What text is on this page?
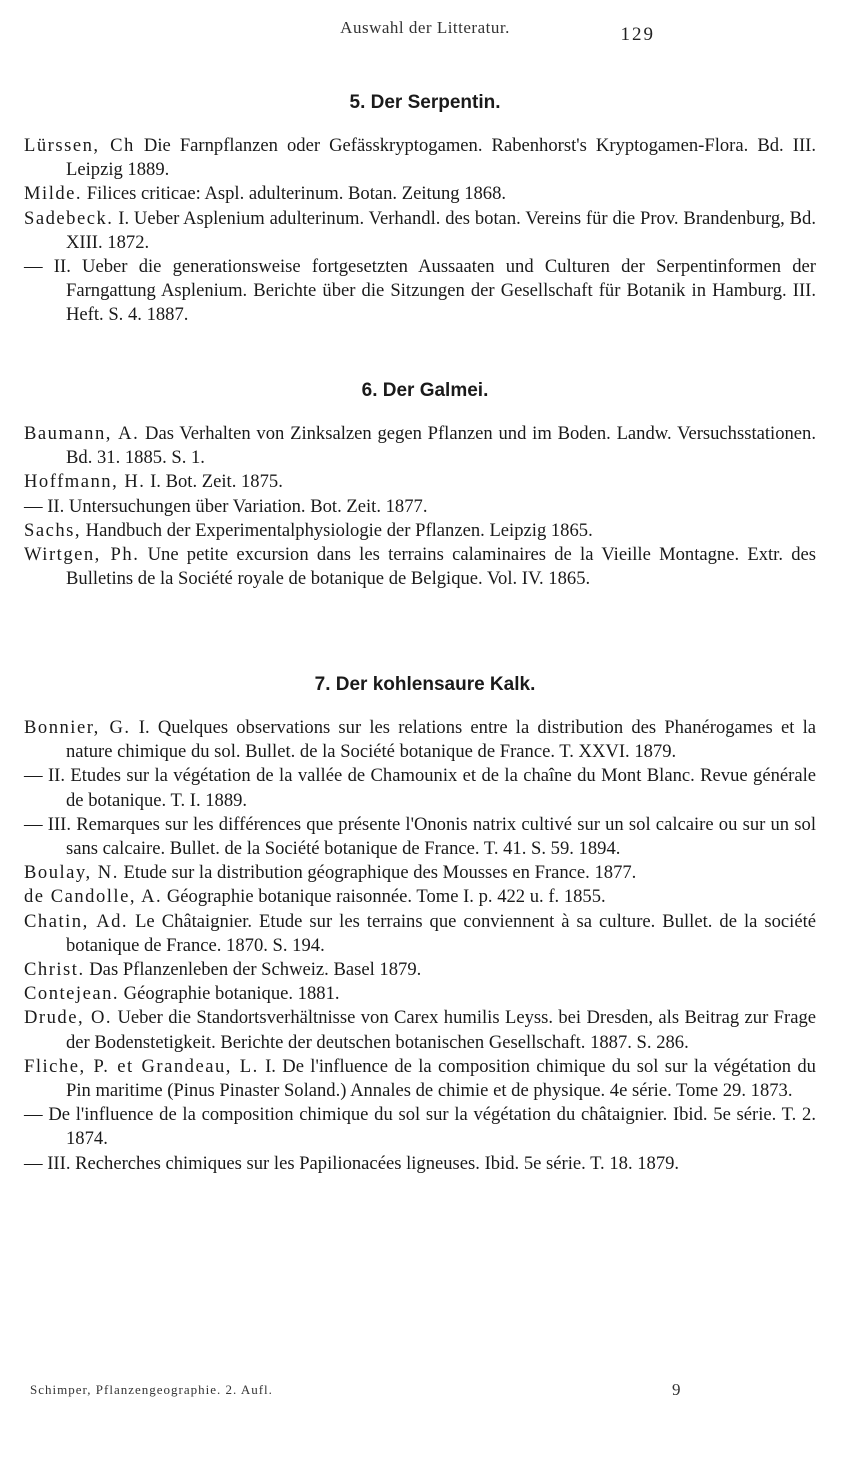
Auswahl der Litteratur.	129
5. Der Serpentin.

Lürssen, Ch Die Farnpflanzen oder Gefässkryptogamen. Rabenhorst's Kryptogamen-Flora. Bd. III. Leipzig 1889.

Milde. Filices criticae: Aspl. adulterinum. Botan. Zeitung 1868.

Sadebeck. I. Ueber Asplenium adulterinum. Verhandl. des botan. Vereins für die Prov. Brandenburg, Bd. XIII. 1872.

— II. Ueber die generationsweise fortgesetzten Aussaaten und Culturen der Serpentinformen der Farngattung Asplenium. Berichte über die Sitzungen der Gesellschaft für Botanik in Hamburg. III. Heft. S. 4. 1887.

6. Der Galmei.

Baumann, A. Das Verhalten von Zinksalzen gegen Pflanzen und im Boden. Landw. Versuchsstationen. Bd. 31. 1885. S. 1.

Hoffmann, H. I. Bot. Zeit. 1875.

— II. Untersuchungen über Variation. Bot. Zeit. 1877.

Sachs, Handbuch der Experimentalphysiologie der Pflanzen. Leipzig 1865.

Wirtgen, Ph. Une petite excursion dans les terrains calaminaires de la Vieille Montagne. Extr. des Bulletins de la Société royale de botanique de Belgique. Vol. IV. 1865.

7. Der kohlensaure Kalk.

Bonnier, G. I. Quelques observations sur les relations entre la distribution des Phanérogames et la nature chimique du sol. Bullet. de la Société botanique de France. T. XXVI. 1879.

— II. Etudes sur la végétation de la vallée de Chamounix et de la chaîne du Mont Blanc. Revue générale de botanique. T. I. 1889.

— III. Remarques sur les différences que présente l'Ononis natrix cultivé sur un sol calcaire ou sur un sol sans calcaire. Bullet. de la Société botanique de France. T. 41. S. 59. 1894.

Boulay, N. Etude sur la distribution géographique des Mousses en France. 1877.

de Candolle, A. Géographie botanique raisonnée. Tome I. p. 422 u. f. 1855.

Chatin, Ad. Le Châtaignier. Etude sur les terrains que conviennent à sa culture. Bullet. de la société botanique de France. 1870. S. 194.

Christ. Das Pflanzenleben der Schweiz. Basel 1879.

Contejean. Géographie botanique. 1881.

Drude, O. Ueber die Standortsverhältnisse von Carex humilis Leyss. bei Dresden, als Beitrag zur Frage der Bodenstetigkeit. Berichte der deutschen botanischen Gesellschaft. 1887. S. 286.

Fliche, P. et Grandeau, L. I. De l'influence de la composition chimique du sol sur la végétation du Pin maritime (Pinus Pinaster Soland.) Annales de chimie et de physique. 4e série. Tome 29. 1873.

— De l'influence de la composition chimique du sol sur la végétation du châtaignier. Ibid. 5e série. T. 2. 1874.

— III. Recherches chimiques sur les Papilionacées ligneuses. Ibid. 5e série. T. 18. 1879.

Schimper, Pflanzengeographie. 2. Aufl.	9
